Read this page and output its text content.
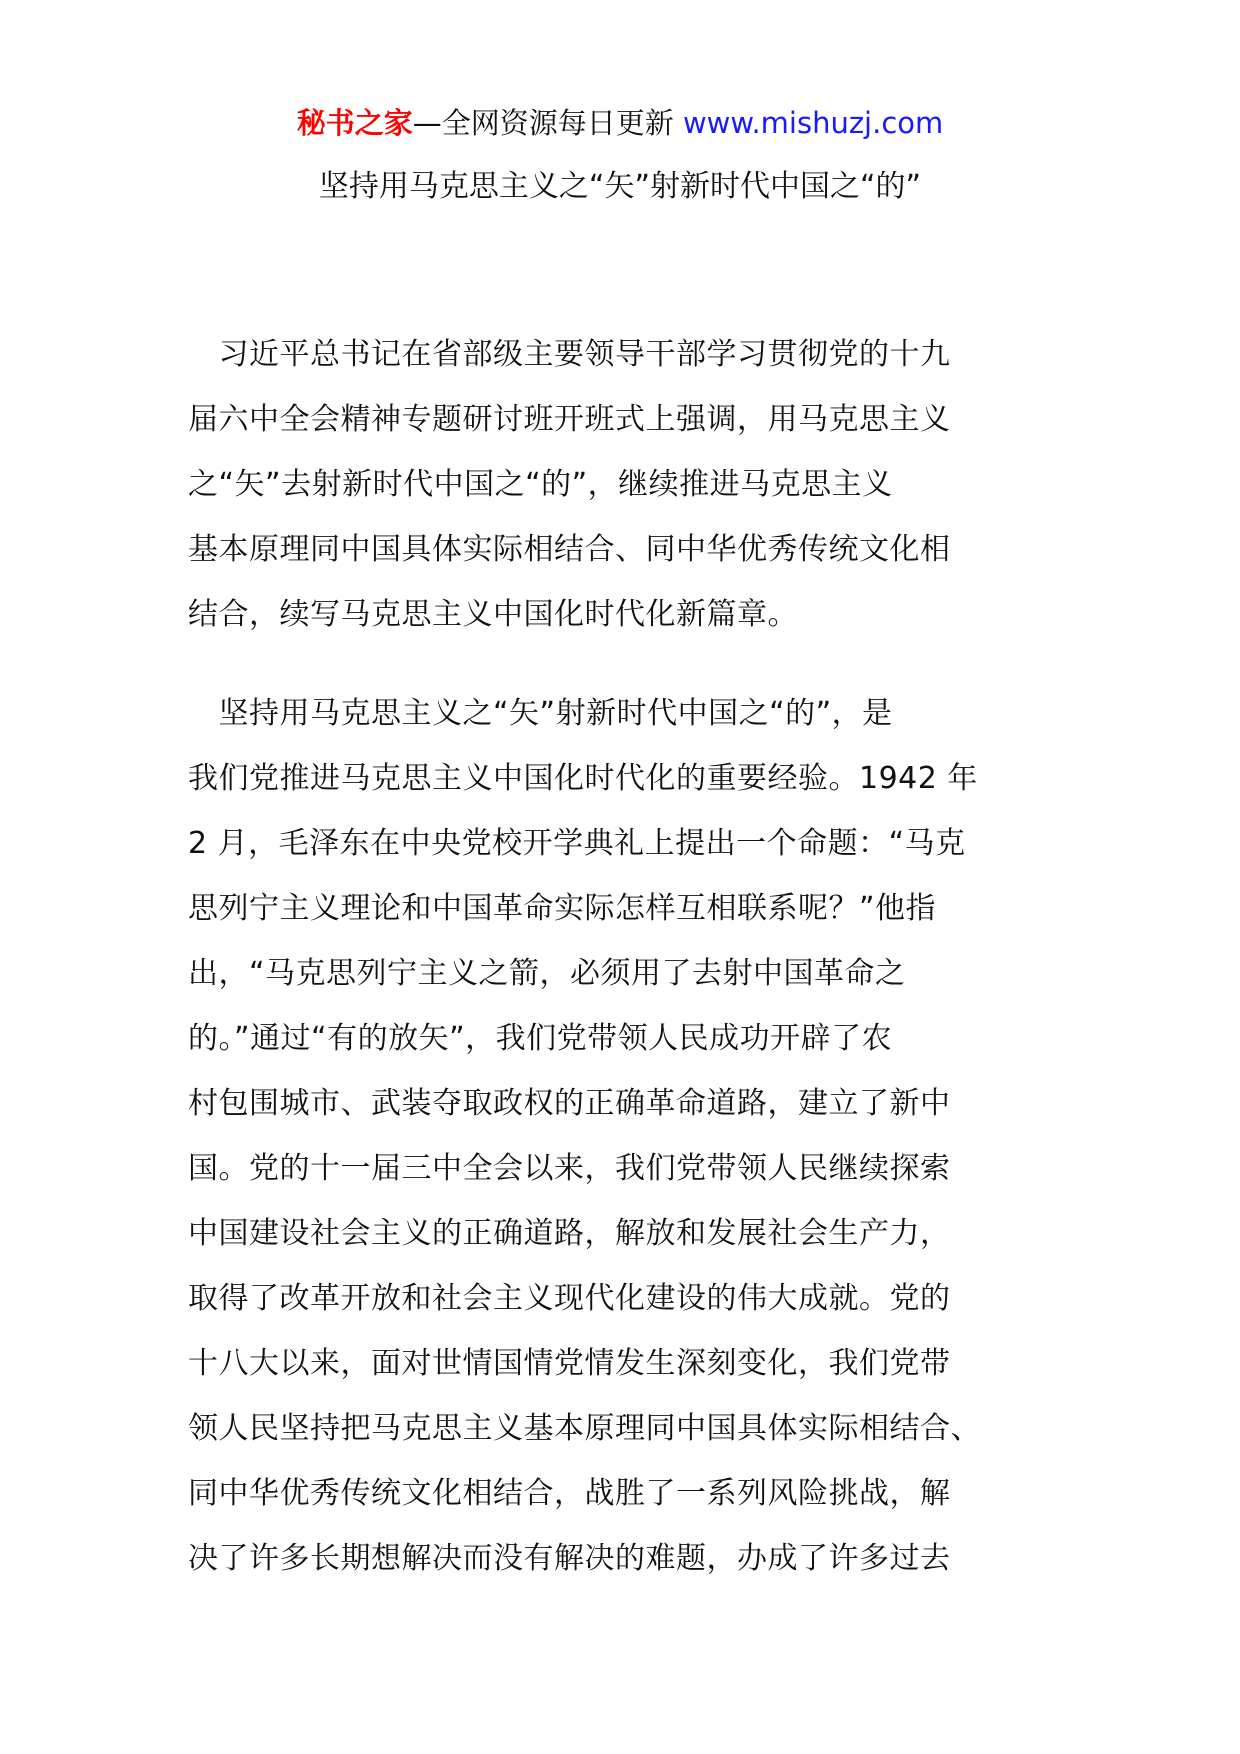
秘书之家—全网资源每日更新 www.mishuzj.com
坚持用马克思主义之“矢”射新时代中国之“的”
　习近平总书记在省部级主要领导干部学习贯彻党的十九
届六中全会精神专题研讨班开班式上强调，用马克思主义
之“矢”去射新时代中国之“的”，继续推进马克思主义
基本原理同中国具体实际相结合、同中华优秀传统文化相
结合，续写马克思主义中国化时代化新篇章。
　坚持用马克思主义之“矢”射新时代中国之“的”，是
我们党推进马克思主义中国化时代化的重要经验。1942 年
2 月，毛泽东在中央党校开学典礼上提出一个命题：“马克
思列宁主义理论和中国革命实际怎样互相联系呢？”他指
出，“马克思列宁主义之箭，必须用了去射中国革命之
的。”通过“有的放矢”，我们党带领人民成功开辟了农
村包围城市、武装夺取政权的正确革命道路，建立了新中
国。党的十一届三中全会以来，我们党带领人民继续探索
中国建设社会主义的正确道路，解放和发展社会生产力，
取得了改革开放和社会主义现代化建设的伟大成就。党的
十八大以来，面对世情国情党情发生深刻变化，我们党带
领人民坚持把马克思主义基本原理同中国具体实际相结合、
同中华优秀传统文化相结合，战胜了一系列风险挑战，解
决了许多长期想解决而没有解决的难题，办成了许多过去
